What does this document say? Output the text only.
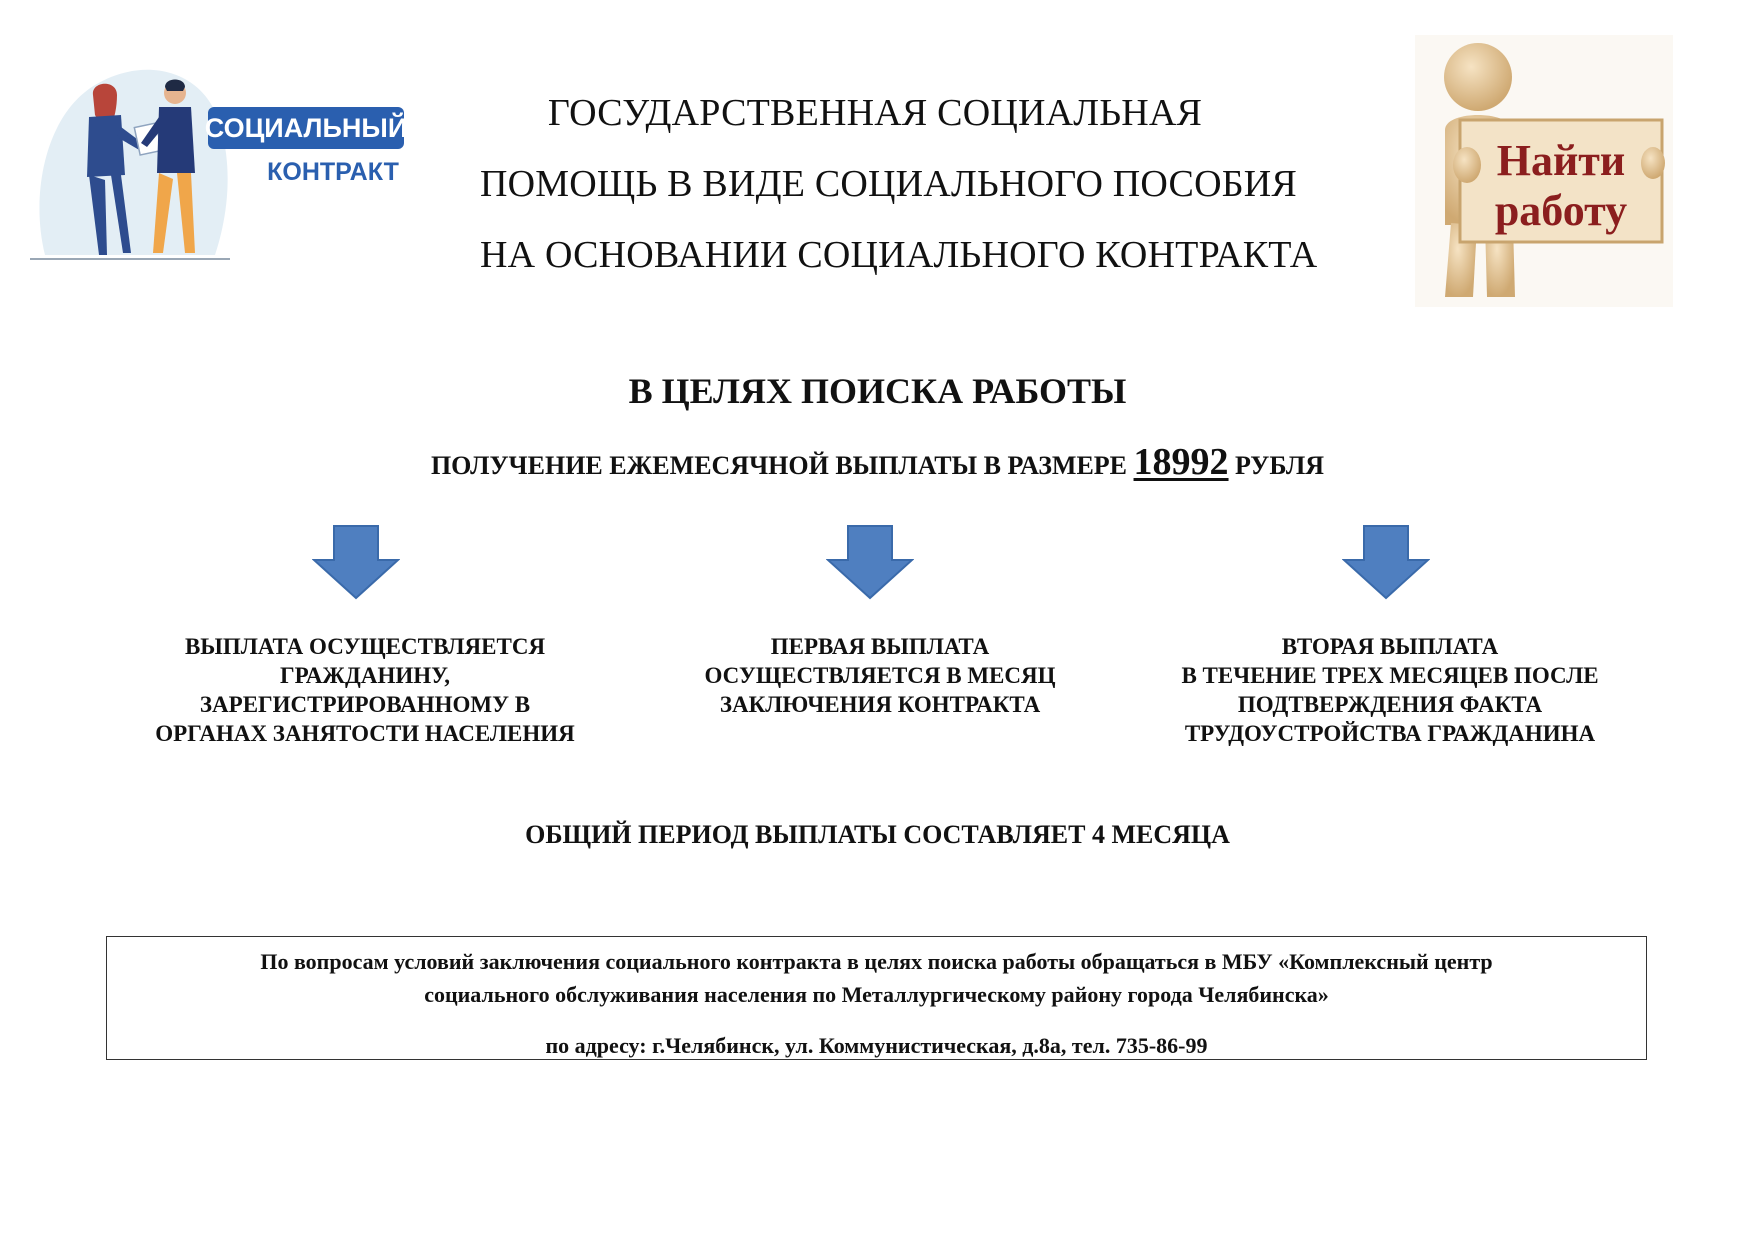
СОЦИАЛЬНЫЙ
КОНТРАКТ
ГОСУДАРСТВЕННАЯ СОЦИАЛЬНАЯ
ПОМОЩЬ В ВИДЕ СОЦИАЛЬНОГО ПОСОБИЯ
НА ОСНОВАНИИ СОЦИАЛЬНОГО КОНТРАКТА
Найти
работу
В ЦЕЛЯХ ПОИСКА РАБОТЫ
ПОЛУЧЕНИЕ ЕЖЕМЕСЯЧНОЙ ВЫПЛАТЫ В РАЗМЕРЕ 18992 РУБЛЯ
ВЫПЛАТА ОСУЩЕСТВЛЯЕТСЯ
ГРАЖДАНИНУ,
ЗАРЕГИСТРИРОВАННОМУ В
ОРГАНАХ ЗАНЯТОСТИ НАСЕЛЕНИЯ
ПЕРВАЯ ВЫПЛАТА
ОСУЩЕСТВЛЯЕТСЯ В МЕСЯЦ
ЗАКЛЮЧЕНИЯ КОНТРАКТА
ВТОРАЯ ВЫПЛАТА
В ТЕЧЕНИЕ ТРЕХ МЕСЯЦЕВ ПОСЛЕ
ПОДТВЕРЖДЕНИЯ ФАКТА
ТРУДОУСТРОЙСТВА ГРАЖДАНИНА
ОБЩИЙ ПЕРИОД ВЫПЛАТЫ СОСТАВЛЯЕТ 4 МЕСЯЦА
По вопросам условий заключения социального контракта в целях поиска работы обращаться в МБУ «Комплексный центр
социального обслуживания населения по Металлургическому району города Челябинска»
по адресу: г.Челябинск, ул. Коммунистическая, д.8а, тел. 735-86-99
